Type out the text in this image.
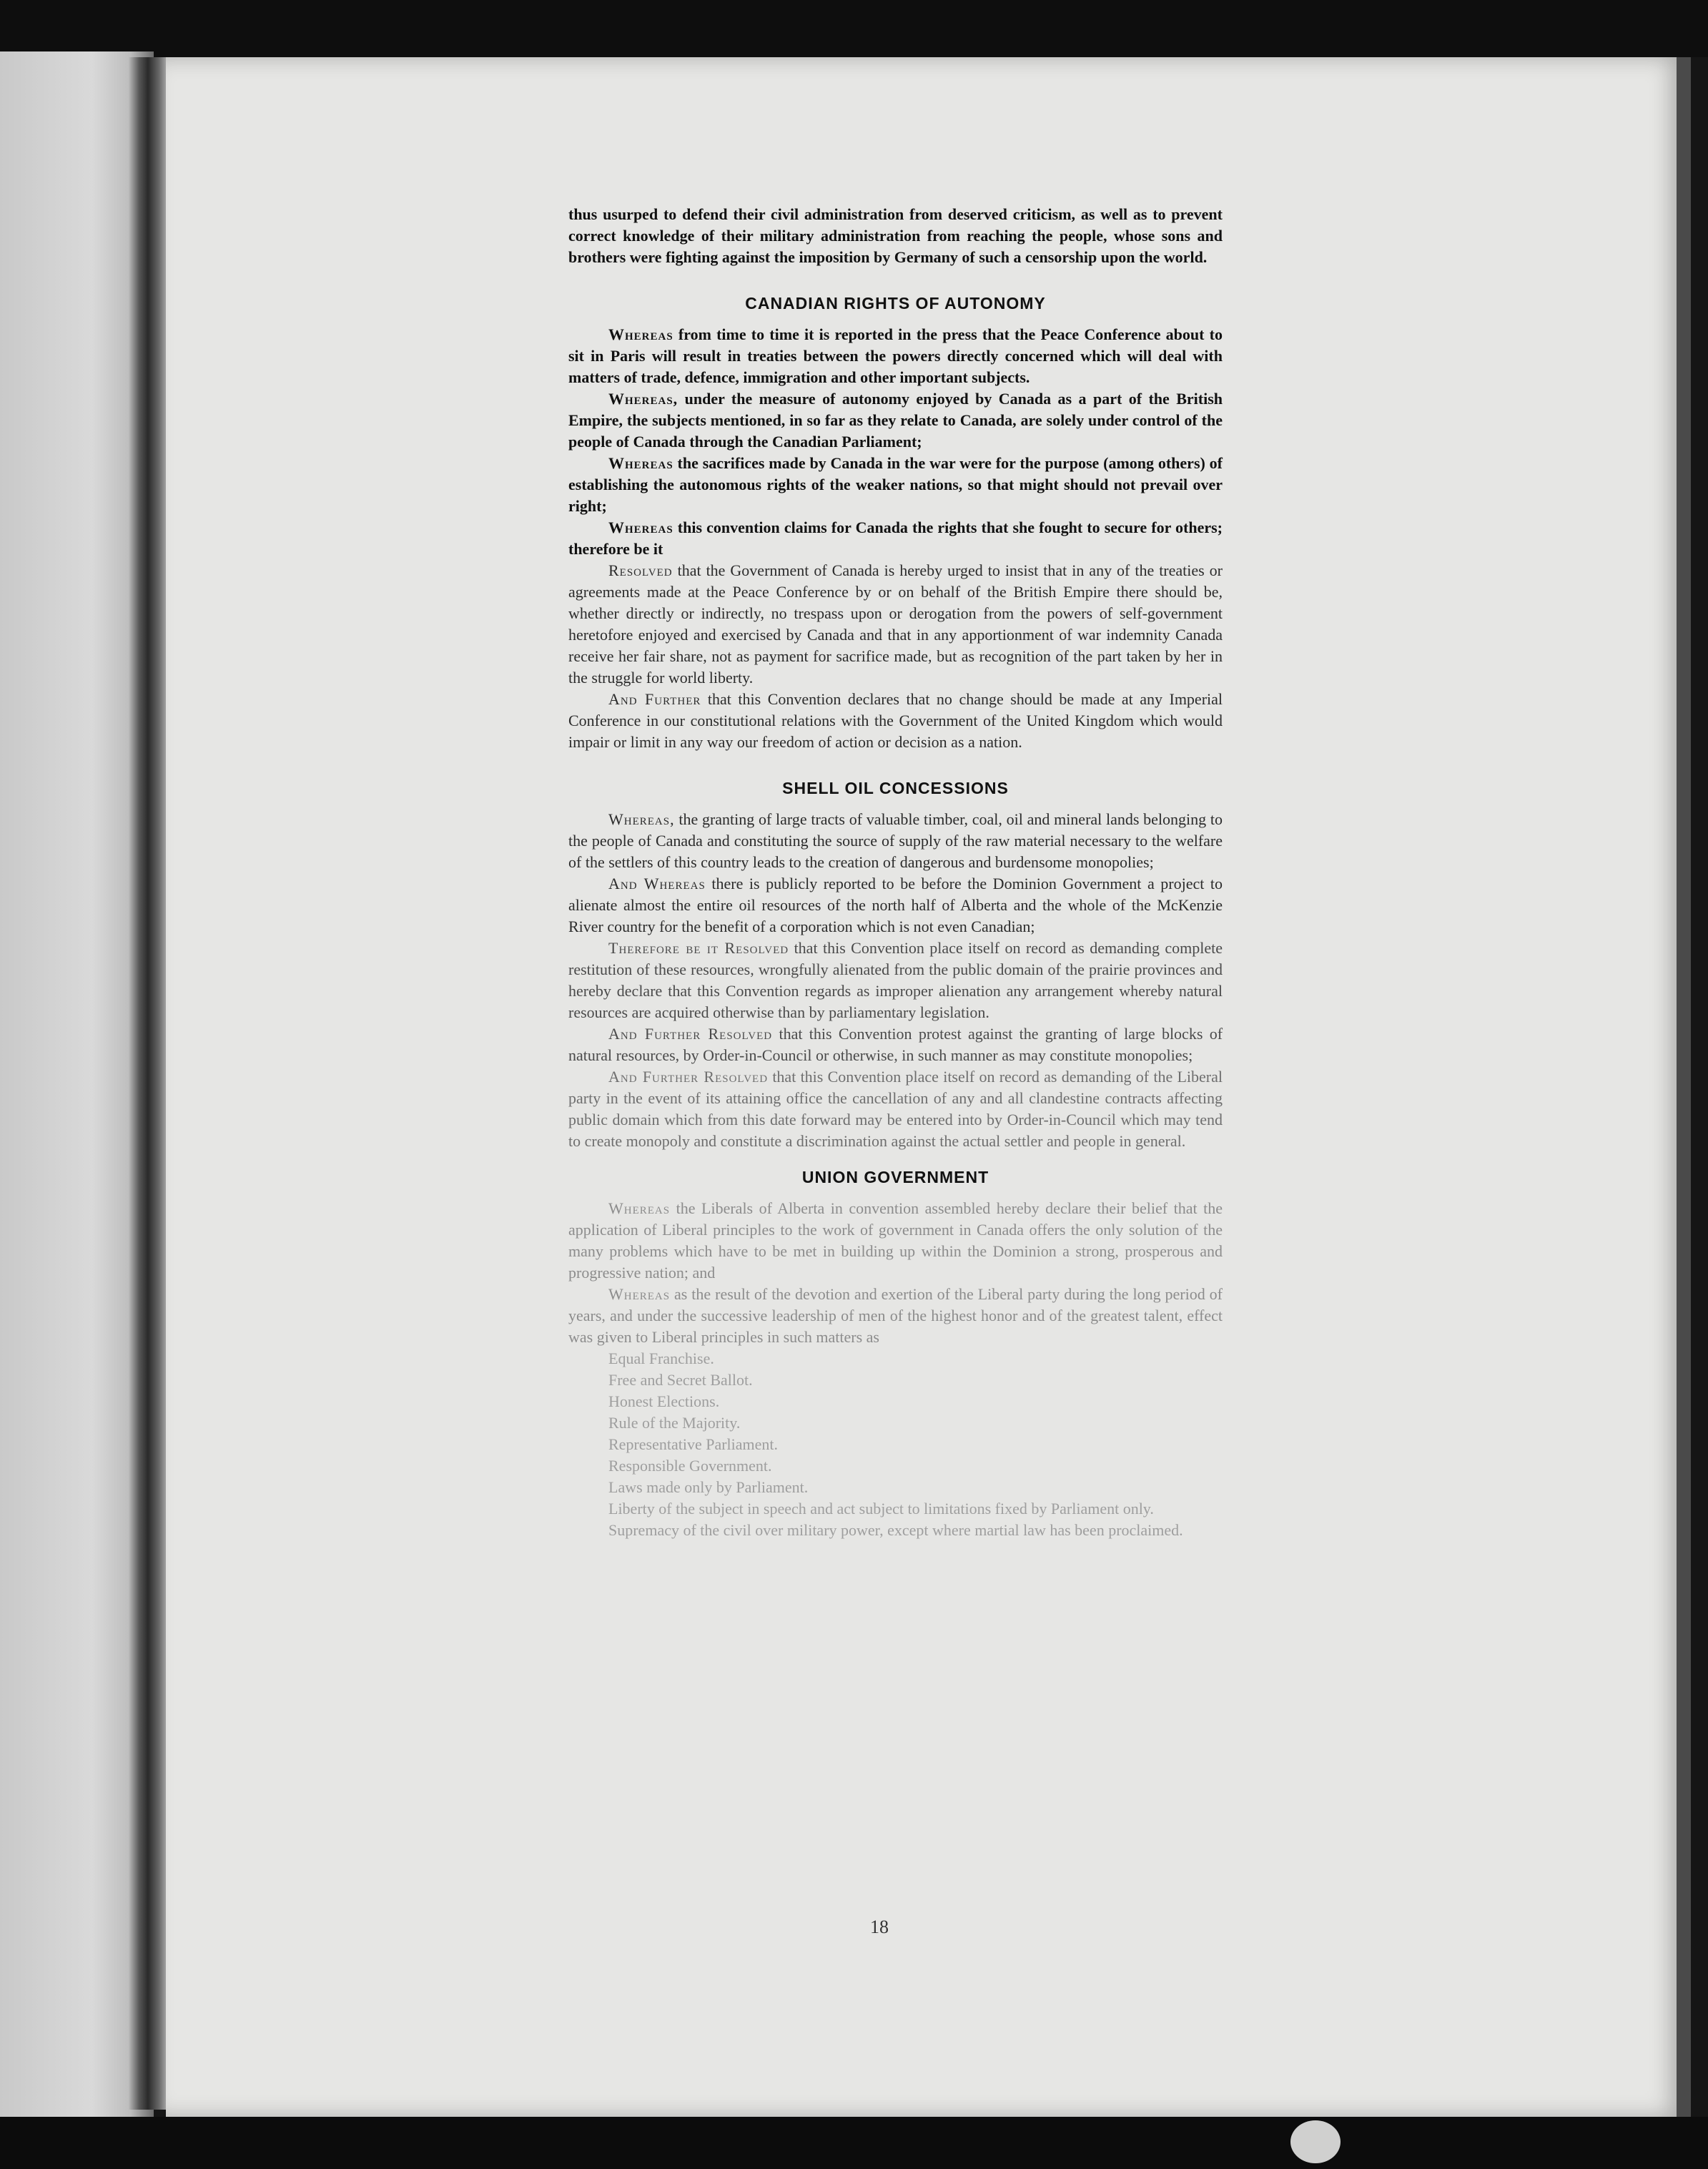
thus usurped to defend their civil administration from deserved criticism, as well as to prevent correct knowledge of their military administration from reaching the people, whose sons and brothers were fighting against the imposition by Germany of such a censorship upon the world.

CANADIAN RIGHTS OF AUTONOMY

Whereas from time to time it is reported in the press that the Peace Conference about to sit in Paris will result in treaties between the powers directly concerned which will deal with matters of trade, defence, immigration and other important subjects.

Whereas, under the measure of autonomy enjoyed by Canada as a part of the British Empire, the subjects mentioned, in so far as they relate to Canada, are solely under control of the people of Canada through the Canadian Parliament;

Whereas the sacrifices made by Canada in the war were for the purpose (among others) of establishing the autonomous rights of the weaker nations, so that might should not prevail over right;

Whereas this convention claims for Canada the rights that she fought to secure for others; therefore be it

Resolved that the Government of Canada is hereby urged to insist that in any of the treaties or agreements made at the Peace Conference by or on behalf of the British Empire there should be, whether directly or indirectly, no trespass upon or derogation from the powers of self-government heretofore enjoyed and exercised by Canada and that in any apportionment of war indemnity Canada receive her fair share, not as payment for sacrifice made, but as recognition of the part taken by her in the struggle for world liberty.

And Further that this Convention declares that no change should be made at any Imperial Conference in our constitutional relations with the Government of the United Kingdom which would impair or limit in any way our freedom of action or decision as a nation.

SHELL OIL CONCESSIONS

Whereas, the granting of large tracts of valuable timber, coal, oil and mineral lands belonging to the people of Canada and constituting the source of supply of the raw material necessary to the welfare of the settlers of this country leads to the creation of dangerous and burdensome monopolies;

And Whereas there is publicly reported to be before the Dominion Government a project to alienate almost the entire oil resources of the north half of Alberta and the whole of the McKenzie River country for the benefit of a corporation which is not even Canadian;

Therefore be it Resolved that this Convention place itself on record as demanding complete restitution of these resources, wrongfully alienated from the public domain of the prairie provinces and hereby declare that this Convention regards as improper alienation any arrangement whereby natural resources are acquired otherwise than by parliamentary legislation.

And Further Resolved that this Convention protest against the granting of large blocks of natural resources, by Order-in-Council or otherwise, in such manner as may constitute monopolies;

And Further Resolved that this Convention place itself on record as demanding of the Liberal party in the event of its attaining office the cancellation of any and all clandestine contracts affecting public domain which from this date forward may be entered into by Order-in-Council which may tend to create monopoly and constitute a discrimination against the actual settler and people in general.

UNION GOVERNMENT

Whereas the Liberals of Alberta in convention assembled hereby declare their belief that the application of Liberal principles to the work of government in Canada offers the only solution of the many problems which have to be met in building up within the Dominion a strong, prosperous and progressive nation; and

Whereas as the result of the devotion and exertion of the Liberal party during the long period of years, and under the successive leadership of men of the highest honor and of the greatest talent, effect was given to Liberal principles in such matters as

Equal Franchise.
Free and Secret Ballot.
Honest Elections.
Rule of the Majority.
Representative Parliament.
Responsible Government.
Laws made only by Parliament.

Liberty of the subject in speech and act subject to limitations fixed by Parliament only.

Supremacy of the civil over military power, except where martial law has been proclaimed.

18
